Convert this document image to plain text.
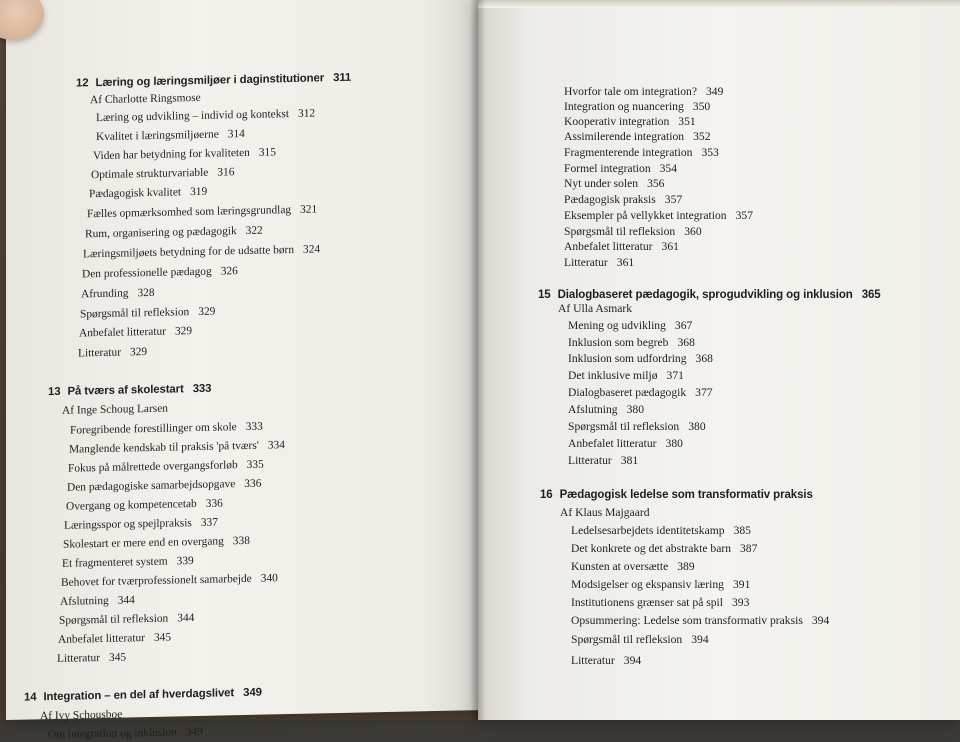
12 Læring og læringsmiljøer i daginstitutioner 311
Af Charlotte Ringsmose
Læring og udvikling – individ og kontekst 312
Kvalitet i læringsmiljøerne 314
Viden har betydning for kvaliteten 315
Optimale strukturvariable 316
Pædagogisk kvalitet 319
Fælles opmærksomhed som læringsgrundlag 321
Rum, organisering og pædagogik 322
Læringsmiljøets betydning for de udsatte børn 324
Den professionelle pædagog 326
Afrunding 328
Spørgsmål til refleksion 329
Anbefalet litteratur 329
Litteratur 329
13 På tværs af skolestart 333
Af Inge Schoug Larsen
Foregribende forestillinger om skole 333
Manglende kendskab til praksis 'på tværs' 334
Fokus på målrettede overgangsforløb 335
Den pædagogiske samarbejdsopgave 336
Overgang og kompetencetab 336
Læringsspor og spejlpraksis 337
Skolestart er mere end en overgang 338
Et fragmenteret system 339
Behovet for tværprofessionelt samarbejde 340
Afslutning 344
Spørgsmål til refleksion 344
Anbefalet litteratur 345
Litteratur 345
14 Integration – en del af hverdagslivet 349
Af Ivy Schousboe
Om integration og inklusion 349
Hvorfor tale om integration? 349
Integration og nuancering 350
Kooperativ integration 351
Assimilerende integration 352
Fragmenterende integration 353
Formel integration 354
Nyt under solen 356
Pædagogisk praksis 357
Eksempler på vellykket integration 357
Spørgsmål til refleksion 360
Anbefalet litteratur 361
Litteratur 361
15 Dialogbaseret pædagogik, sprogudvikling og inklusion 365
Af Ulla Asmark
Mening og udvikling 367
Inklusion som begreb 368
Inklusion som udfordring 368
Det inklusive miljø 371
Dialogbaseret pædagogik 377
Afslutning 380
Spørgsmål til refleksion 380
Anbefalet litteratur 380
Litteratur 381
16 Pædagogisk ledelse som transformativ praksis
Af Klaus Majgaard
Ledelsesarbejdets identitetskamp 385
Det konkrete og det abstrakte barn 387
Kunsten at oversætte 389
Modsigelser og ekspansiv læring 391
Institutionens grænser sat på spil 393
Opsummering: Ledelse som transformativ praksis 394
Spørgsmål til refleksion 394
Litteratur 394
